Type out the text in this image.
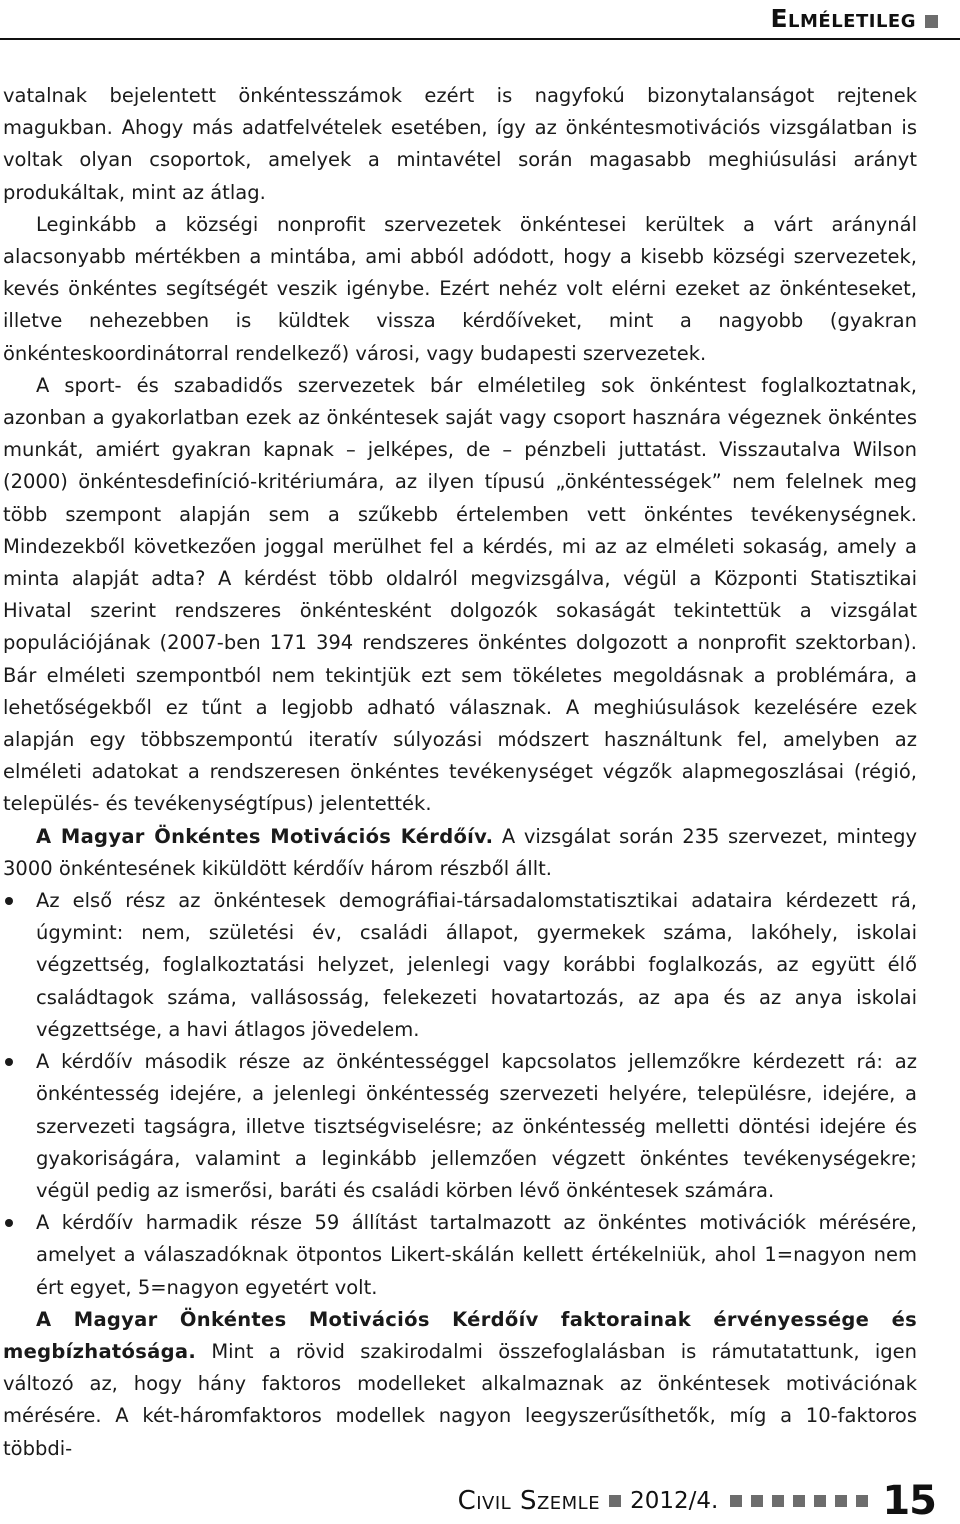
Elméletileg

vatalnak bejelentett önkéntesszámok ezért is nagyfokú bizonytalanságot rejtenek magukban. Ahogy más adatfelvételek esetében, így az önkéntesmotivációs vizsgálatban is voltak olyan csoportok, amelyek a mintavétel során magasabb meghiúsulási arányt produkáltak, mint az átlag.

Leginkább a községi nonprofit szervezetek önkéntesei kerültek a várt aránynál alacsonyabb mértékben a mintába, ami abból adódott, hogy a kisebb községi szervezetek, kevés önkéntes segítségét veszik igénybe. Ezért nehéz volt elérni ezeket az önkénteseket, illetve nehezebben is küldtek vissza kérdőíveket, mint a nagyobb (gyakran önkénteskoordinátorral rendelkező) városi, vagy budapesti szervezetek.

A sport- és szabadidős szervezetek bár elméletileg sok önkéntest foglalkoztatnak, azonban a gyakorlatban ezek az önkéntesek saját vagy csoport hasznára végeznek önkéntes munkát, amiért gyakran kapnak – jelképes, de – pénzbeli juttatást. Visszautalva Wilson (2000) önkéntesdefiníció-kritériumára, az ilyen típusú „önkéntességek” nem felelnek meg több szempont alapján sem a szűkebb értelemben vett önkéntes tevékenységnek. Mindezekből következően joggal merülhet fel a kérdés, mi az az elméleti sokaság, amely a minta alapját adta? A kérdést több oldalról megvizsgálva, végül a Központi Statisztikai Hivatal szerint rendszeres önkéntesként dolgozók sokaságát tekintettük a vizsgálat populációjának (2007-ben 171 394 rendszeres önkéntes dolgozott a nonprofit szektorban). Bár elméleti szempontból nem tekintjük ezt sem tökéletes megoldásnak a problémára, a lehetőségekből ez tűnt a legjobb adható válasznak. A meghiúsulások kezelésére ezek alapján egy többszempontú iteratív súlyozási módszert használtunk fel, amelyben az elméleti adatokat a rendszeresen önkéntes tevékenységet végzők alapmegoszlásai (régió, település- és tevékenységtípus) jelentették.

A Magyar Önkéntes Motivációs Kérdőív. A vizsgálat során 235 szervezet, mintegy 3000 önkéntesének kiküldött kérdőív három részből állt.

Az első rész az önkéntesek demográfiai-társadalomstatisztikai adataira kérdezett rá, úgymint: nem, születési év, családi állapot, gyermekek száma, lakóhely, iskolai végzettség, foglalkoztatási helyzet, jelenlegi vagy korábbi foglalkozás, az együtt élő családtagok száma, vallásosság, felekezeti hovatartozás, az apa és az anya iskolai végzettsége, a havi átlagos jövedelem.
A kérdőív második része az önkéntességgel kapcsolatos jellemzőkre kérdezett rá: az önkéntesség idejére, a jelenlegi önkéntesség szervezeti helyére, településre, idejére, a szervezeti tagságra, illetve tisztségviselésre; az önkéntesség melletti döntési idejére és gyakoriságára, valamint a leginkább jellemzően végzett önkéntes tevékenységekre; végül pedig az ismerősi, baráti és családi körben lévő önkéntesek számára.
A kérdőív harmadik része 59 állítást tartalmazott az önkéntes motivációk mérésére, amelyet a válaszadóknak ötpontos Likert-skálán kellett értékelniük, ahol 1=nagyon nem ért egyet, 5=nagyon egyetért volt.

A Magyar Önkéntes Motivációs Kérdőív faktorainak érvényessége és megbízhatósága. Mint a rövid szakirodalmi összefoglalásban is rámutatattunk, igen változó az, hogy hány faktoros modelleket alkalmaznak az önkéntesek motivációnak mérésére. A két-háromfaktoros modellek nagyon leegyszerűsíthetők, míg a 10-faktoros többdi-

Civil Szemle 2012/4.	15
